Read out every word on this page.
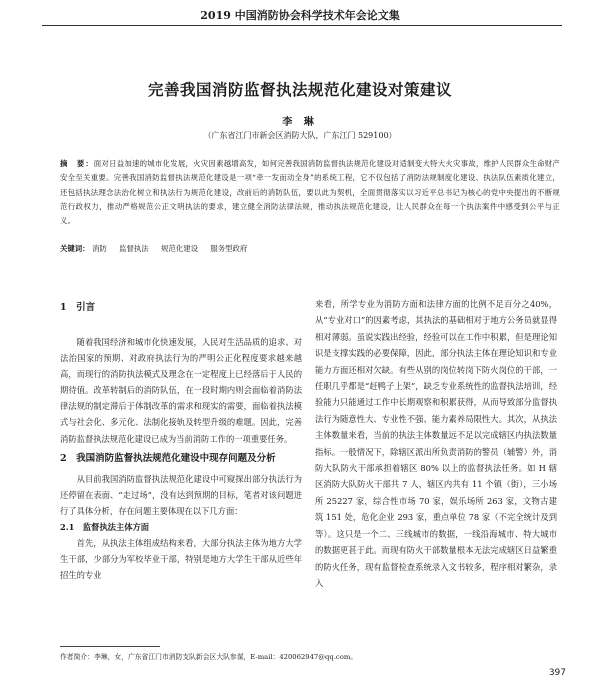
2019 中国消防协会科学技术年会论文集
完善我国消防监督执法规范化建设对策建议
李 琳
（广东省江门市新会区消防大队，广东江门 529100）
摘　要：面对日益加速的城市化发展，火灾因素越增高发，如何完善我国消防监督执法规范化建设对适制变大特大火灾事故，维护人民群众生命财产安全至关重要。完善我国消防监督执法规范化建设是一项“牵一发而动全身”的系统工程，它不仅包括了消防法规制度化建设、执法队伍素质化建立，还包括执法理念法治化树立和执法行为规范化建设，改前后的消防队伍，要以此为契机，全面贯彻落实以习近平总书记为核心的党中央提出的不断规范行政权力，推动严格规范公正文明执法的要求，建立健全消防法律法规，推动执法规范化建设，让人民群众在每一个执法案件中感受到公平与正义。
关键词： 消防 监督执法 规范化建设 服务型政府
1　引言

随着我国经济和城市化快速发展，人民对生活品质的追求、对法治国家的预期、对政府执法行为的严明公正化程度要求越来越高，而现行的消防执法模式及理念在一定程度上已经落后于人民的期待值。改革转制后的消防队伍，在一段时期内则会面临着消防法律法规的制定滞后于体制改革的需求和现实的需要，面临着执法模式与社会化、多元化、法制化接轨及转型升级的难题。因此，完善消防监督执法规范化建设已成为当前消防工作的一项重要任务。

2　我国消防监督执法规范化建设中现存问题及分析

从目前我国消防监督执法规范化建设中可窥探出部分执法行为还停留在表面、“走过场”，没有达到预期的目标，笔者对该问题进行了具体分析，存在问题主要体现在以下几方面：

2.1　监督执法主体方面

首先，从执法主体组成结构来看，大部分执法主体为地方大学生干部，少部分为军校毕业干部，特别是地方大学生干部从近些年招生的专业

来看，所学专业为消防方面和法律方面的比例不足百分之40%，从“专业对口”的因素考虑，其执法的基础相对于地方公务员就显得相对薄弱。虽说实践出经验，经验可以在工作中积累，但是理论知识是支撑实践的必要保障，因此，部分执法主体在理论知识和专业能力方面还相对欠缺。有些从别的岗位转岗下防火岗位的干部，一任职几乎都是“赶鸭子上架”，缺乏专业系统性的监督执法培训，经验能力只能通过工作中长期观察和积累获得，从而导致部分监督执法行为随意性大、专业性不强、能力素养局限性大。其次，从执法主体数量来看，当前的执法主体数量远不足以完成辖区内执法数量指标。一般情况下，除辖区派出所负责消防的警员（辅警）外，消防大队防火干部承担着辖区 80% 以上的监督执法任务。如 H 辖区消防大队防火干部共 7 人，辖区内共有 11 个镇（街），三小场所 25227 家，综合性市场 70 家，娱乐场所 263 家，文物古建筑 151 处，危化企业 293 家，重点单位 78 家（不完全统计及到等）。这只是一个二、三线城市的数据，一线沿海城市、特大城市的数据更甚于此。而现有防火干部数量根本无法完成辖区日益繁重的防火任务，现有监督检查系统录入文书较多，程序相对繁杂，录入

作者简介：李琳，女，广东省江门市消防支队新会区大队参谋，E-mail：420062947@qq.com。
397
